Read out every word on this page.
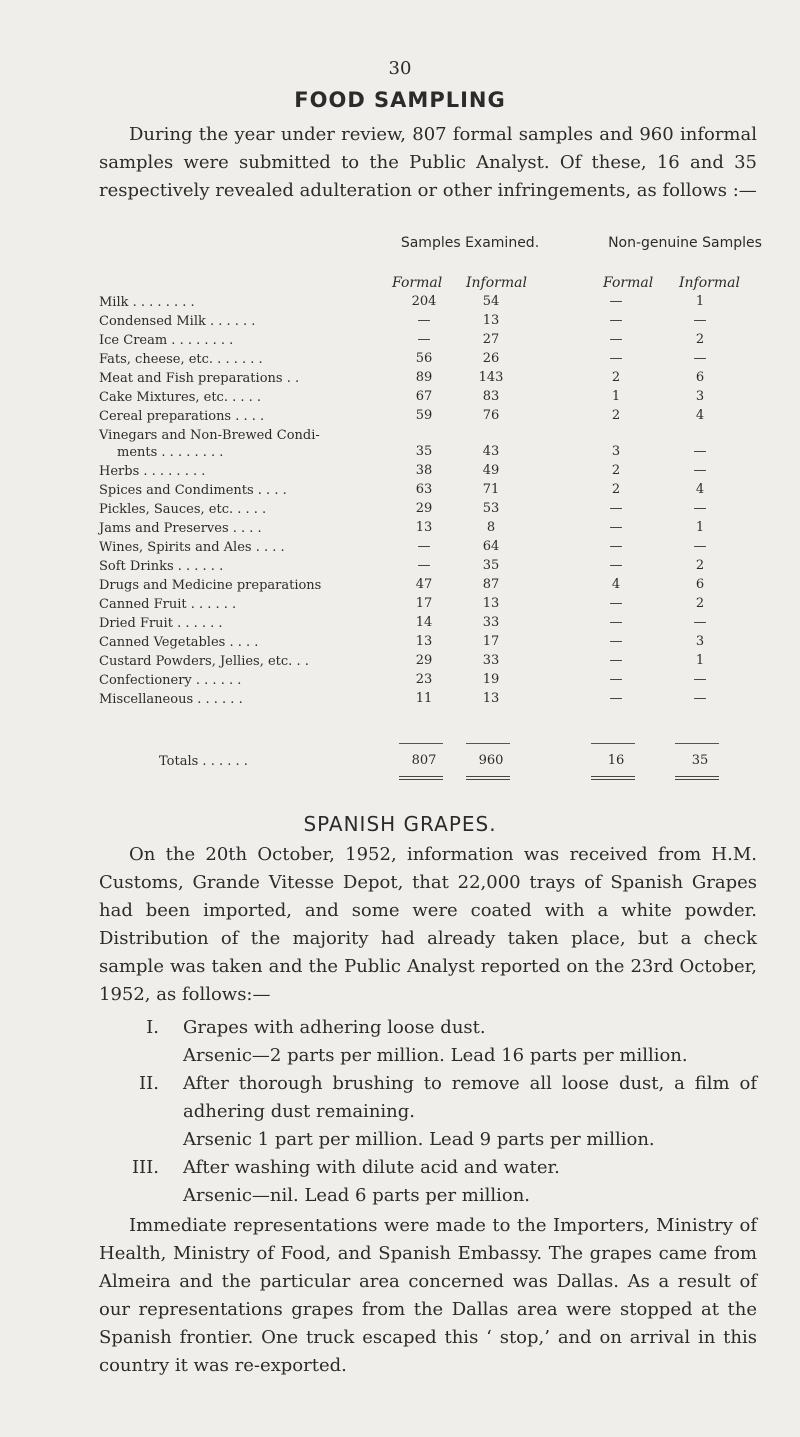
30
FOOD SAMPLING

During the year under review, 807 formal samples and 960 informal samples were submitted to the Public Analyst. Of these, 16 and 35 respectively revealed adulteration or other infringements, as follows :—

Samples Examined.	Non-genuine Samples
Formal Informal	Formal Informal
Milk . . . . . . . .	204	54	—	1
Condensed Milk . . . . . .	—	13	—	—
Ice Cream . . . . . . . .	—	27	—	2
Fats, cheese, etc. . . . . . .	56	26	—	—
Meat and Fish preparations . .	89	143	2	6
Cake Mixtures, etc. . . . .	67	83	1	3
Cereal preparations . . . .	59	76	2	4
Vinegars and Non-Brewed Condi-
ments . . . . . . . .	35	43	3	—
Herbs . . . . . . . .	38	49	2	—
Spices and Condiments . . . .	63	71	2	4
Pickles, Sauces, etc. . . . .	29	53	—	—
Jams and Preserves . . . .	13	8	—	1
Wines, Spirits and Ales . . . .	—	64	—	—
Soft Drinks . . . . . .	—	35	—	2
Drugs and Medicine preparations	47	87	4	6
Canned Fruit . . . . . .	17	13	—	2
Dried Fruit . . . . . .	14	33	—	—
Canned Vegetables . . . .	13	17	—	3
Custard Powders, Jellies, etc. . .	29	33	—	1
Confectionery . . . . . .	23	19	—	—
Miscellaneous . . . . . .	11	13	—	—
Totals . . . . . .	807	960	16	35
SPANISH GRAPES.

On the 20th October, 1952, information was received from H.M. Customs, Grande Vitesse Depot, that 22,000 trays of Spanish Grapes had been imported, and some were coated with a white powder. Distribution of the majority had already taken place, but a check sample was taken and the Public Analyst reported on the 23rd October, 1952, as follows:—

I. Grapes with adhering loose dust.
Arsenic—2 parts per million. Lead 16 parts per million.
II. After thorough brushing to remove all loose dust, a film of adhering dust remaining.
Arsenic 1 part per million. Lead 9 parts per million.
III. After washing with dilute acid and water.
Arsenic—nil. Lead 6 parts per million.

Immediate representations were made to the Importers, Ministry of Health, Ministry of Food, and Spanish Embassy. The grapes came from Almeira and the particular area concerned was Dallas. As a result of our representations grapes from the Dallas area were stopped at the Spanish frontier. One truck escaped this ‘ stop,’ and on arrival in this country it was re-exported.
